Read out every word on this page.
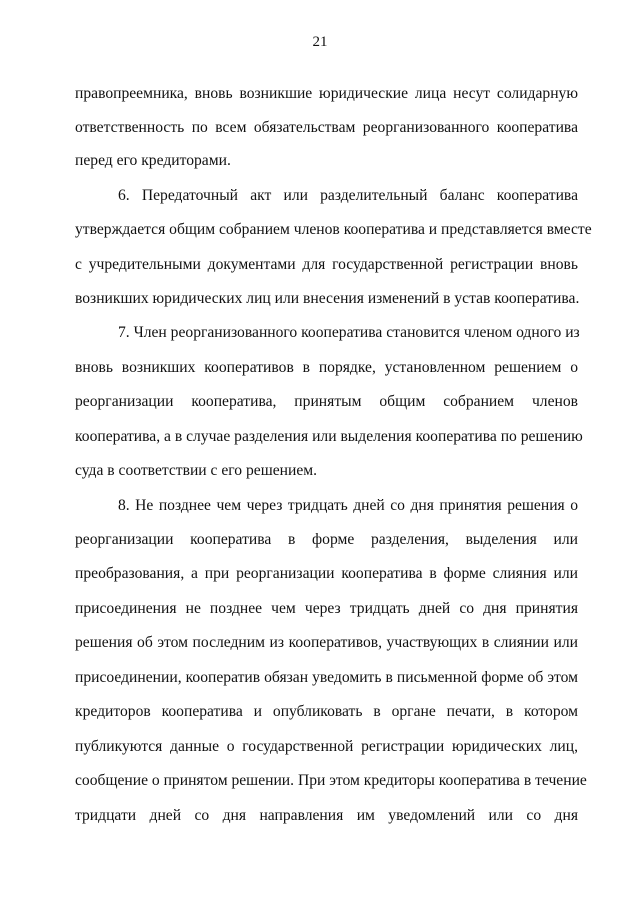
21
правопреемника, вновь возникшие юридические лица несут солидарную
ответственность по всем обязательствам реорганизованного кооператива
перед его кредиторами.
6. Передаточный акт или разделительный баланс кооператива
утверждается общим собранием членов кооператива и представляется вместе
с учредительными документами для государственной регистрации вновь
возникших юридических лиц или внесения изменений в устав кооператива.
7. Член реорганизованного кооператива становится членом одного из
вновь возникших кооперативов в порядке, установленном решением о
реорганизации кооператива, принятым общим собранием членов
кооператива, а в случае разделения или выделения кооператива по решению
суда в соответствии с его решением.
8. Не позднее чем через тридцать дней со дня принятия решения о
реорганизации кооператива в форме разделения, выделения или
преобразования, а при реорганизации кооператива в форме слияния или
присоединения не позднее чем через тридцать дней со дня принятия
решения об этом последним из кооперативов, участвующих в слиянии или
присоединении, кооператив обязан уведомить в письменной форме об этом
кредиторов кооператива и опубликовать в органе печати, в котором
публикуются данные о государственной регистрации юридических лиц,
сообщение о принятом решении. При этом кредиторы кооператива в течение
тридцати дней со дня направления им уведомлений или со дня
